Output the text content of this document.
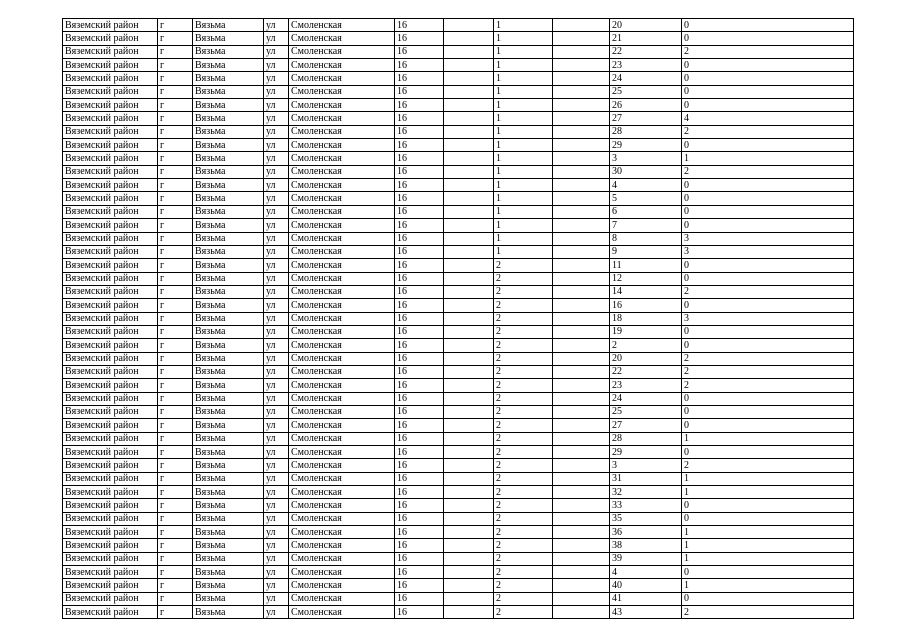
Вяземский район	г	Вязьма	ул	Смоленская	16		1		20	0
Вяземский район	г	Вязьма	ул	Смоленская	16		1		21	0
Вяземский район	г	Вязьма	ул	Смоленская	16		1		22	2
Вяземский район	г	Вязьма	ул	Смоленская	16		1		23	0
Вяземский район	г	Вязьма	ул	Смоленская	16		1		24	0
Вяземский район	г	Вязьма	ул	Смоленская	16		1		25	0
Вяземский район	г	Вязьма	ул	Смоленская	16		1		26	0
Вяземский район	г	Вязьма	ул	Смоленская	16		1		27	4
Вяземский район	г	Вязьма	ул	Смоленская	16		1		28	2
Вяземский район	г	Вязьма	ул	Смоленская	16		1		29	0
Вяземский район	г	Вязьма	ул	Смоленская	16		1		3	1
Вяземский район	г	Вязьма	ул	Смоленская	16		1		30	2
Вяземский район	г	Вязьма	ул	Смоленская	16		1		4	0
Вяземский район	г	Вязьма	ул	Смоленская	16		1		5	0
Вяземский район	г	Вязьма	ул	Смоленская	16		1		6	0
Вяземский район	г	Вязьма	ул	Смоленская	16		1		7	0
Вяземский район	г	Вязьма	ул	Смоленская	16		1		8	3
Вяземский район	г	Вязьма	ул	Смоленская	16		1		9	3
Вяземский район	г	Вязьма	ул	Смоленская	16		2		11	0
Вяземский район	г	Вязьма	ул	Смоленская	16		2		12	0
Вяземский район	г	Вязьма	ул	Смоленская	16		2		14	2
Вяземский район	г	Вязьма	ул	Смоленская	16		2		16	0
Вяземский район	г	Вязьма	ул	Смоленская	16		2		18	3
Вяземский район	г	Вязьма	ул	Смоленская	16		2		19	0
Вяземский район	г	Вязьма	ул	Смоленская	16		2		2	0
Вяземский район	г	Вязьма	ул	Смоленская	16		2		20	2
Вяземский район	г	Вязьма	ул	Смоленская	16		2		22	2
Вяземский район	г	Вязьма	ул	Смоленская	16		2		23	2
Вяземский район	г	Вязьма	ул	Смоленская	16		2		24	0
Вяземский район	г	Вязьма	ул	Смоленская	16		2		25	0
Вяземский район	г	Вязьма	ул	Смоленская	16		2		27	0
Вяземский район	г	Вязьма	ул	Смоленская	16		2		28	1
Вяземский район	г	Вязьма	ул	Смоленская	16		2		29	0
Вяземский район	г	Вязьма	ул	Смоленская	16		2		3	2
Вяземский район	г	Вязьма	ул	Смоленская	16		2		31	1
Вяземский район	г	Вязьма	ул	Смоленская	16		2		32	1
Вяземский район	г	Вязьма	ул	Смоленская	16		2		33	0
Вяземский район	г	Вязьма	ул	Смоленская	16		2		35	0
Вяземский район	г	Вязьма	ул	Смоленская	16		2		36	1
Вяземский район	г	Вязьма	ул	Смоленская	16		2		38	1
Вяземский район	г	Вязьма	ул	Смоленская	16		2		39	1
Вяземский район	г	Вязьма	ул	Смоленская	16		2		4	0
Вяземский район	г	Вязьма	ул	Смоленская	16		2		40	1
Вяземский район	г	Вязьма	ул	Смоленская	16		2		41	0
Вяземский район	г	Вязьма	ул	Смоленская	16		2		43	2
